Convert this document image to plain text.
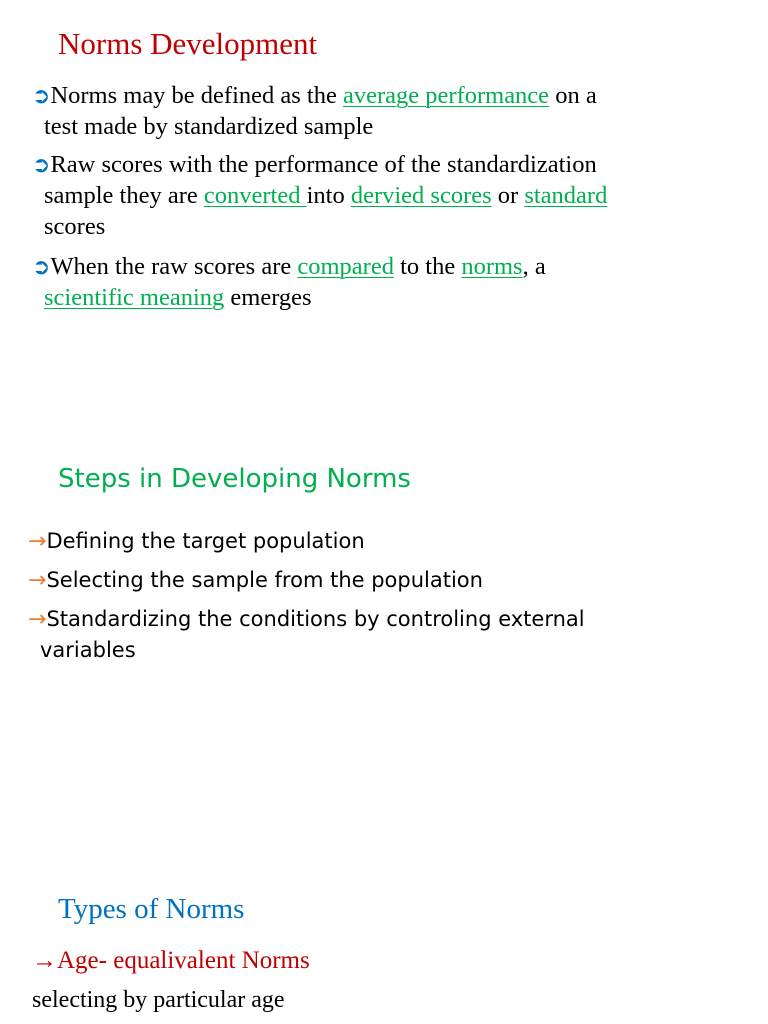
Norms Development
➲Norms may be defined as the average performance on a
test made by standardized sample
➲Raw scores with the performance of the standardization
sample they are converted into dervied scores or standard
scores
➲When the raw scores are compared to the norms, a
scientific meaning emerges
Steps in Developing Norms
→Defining the target population
→Selecting the sample from the population
→Standardizing the conditions by controling external
variables
Types of Norms
→Age- equalivalent Norms
selecting by particular age
